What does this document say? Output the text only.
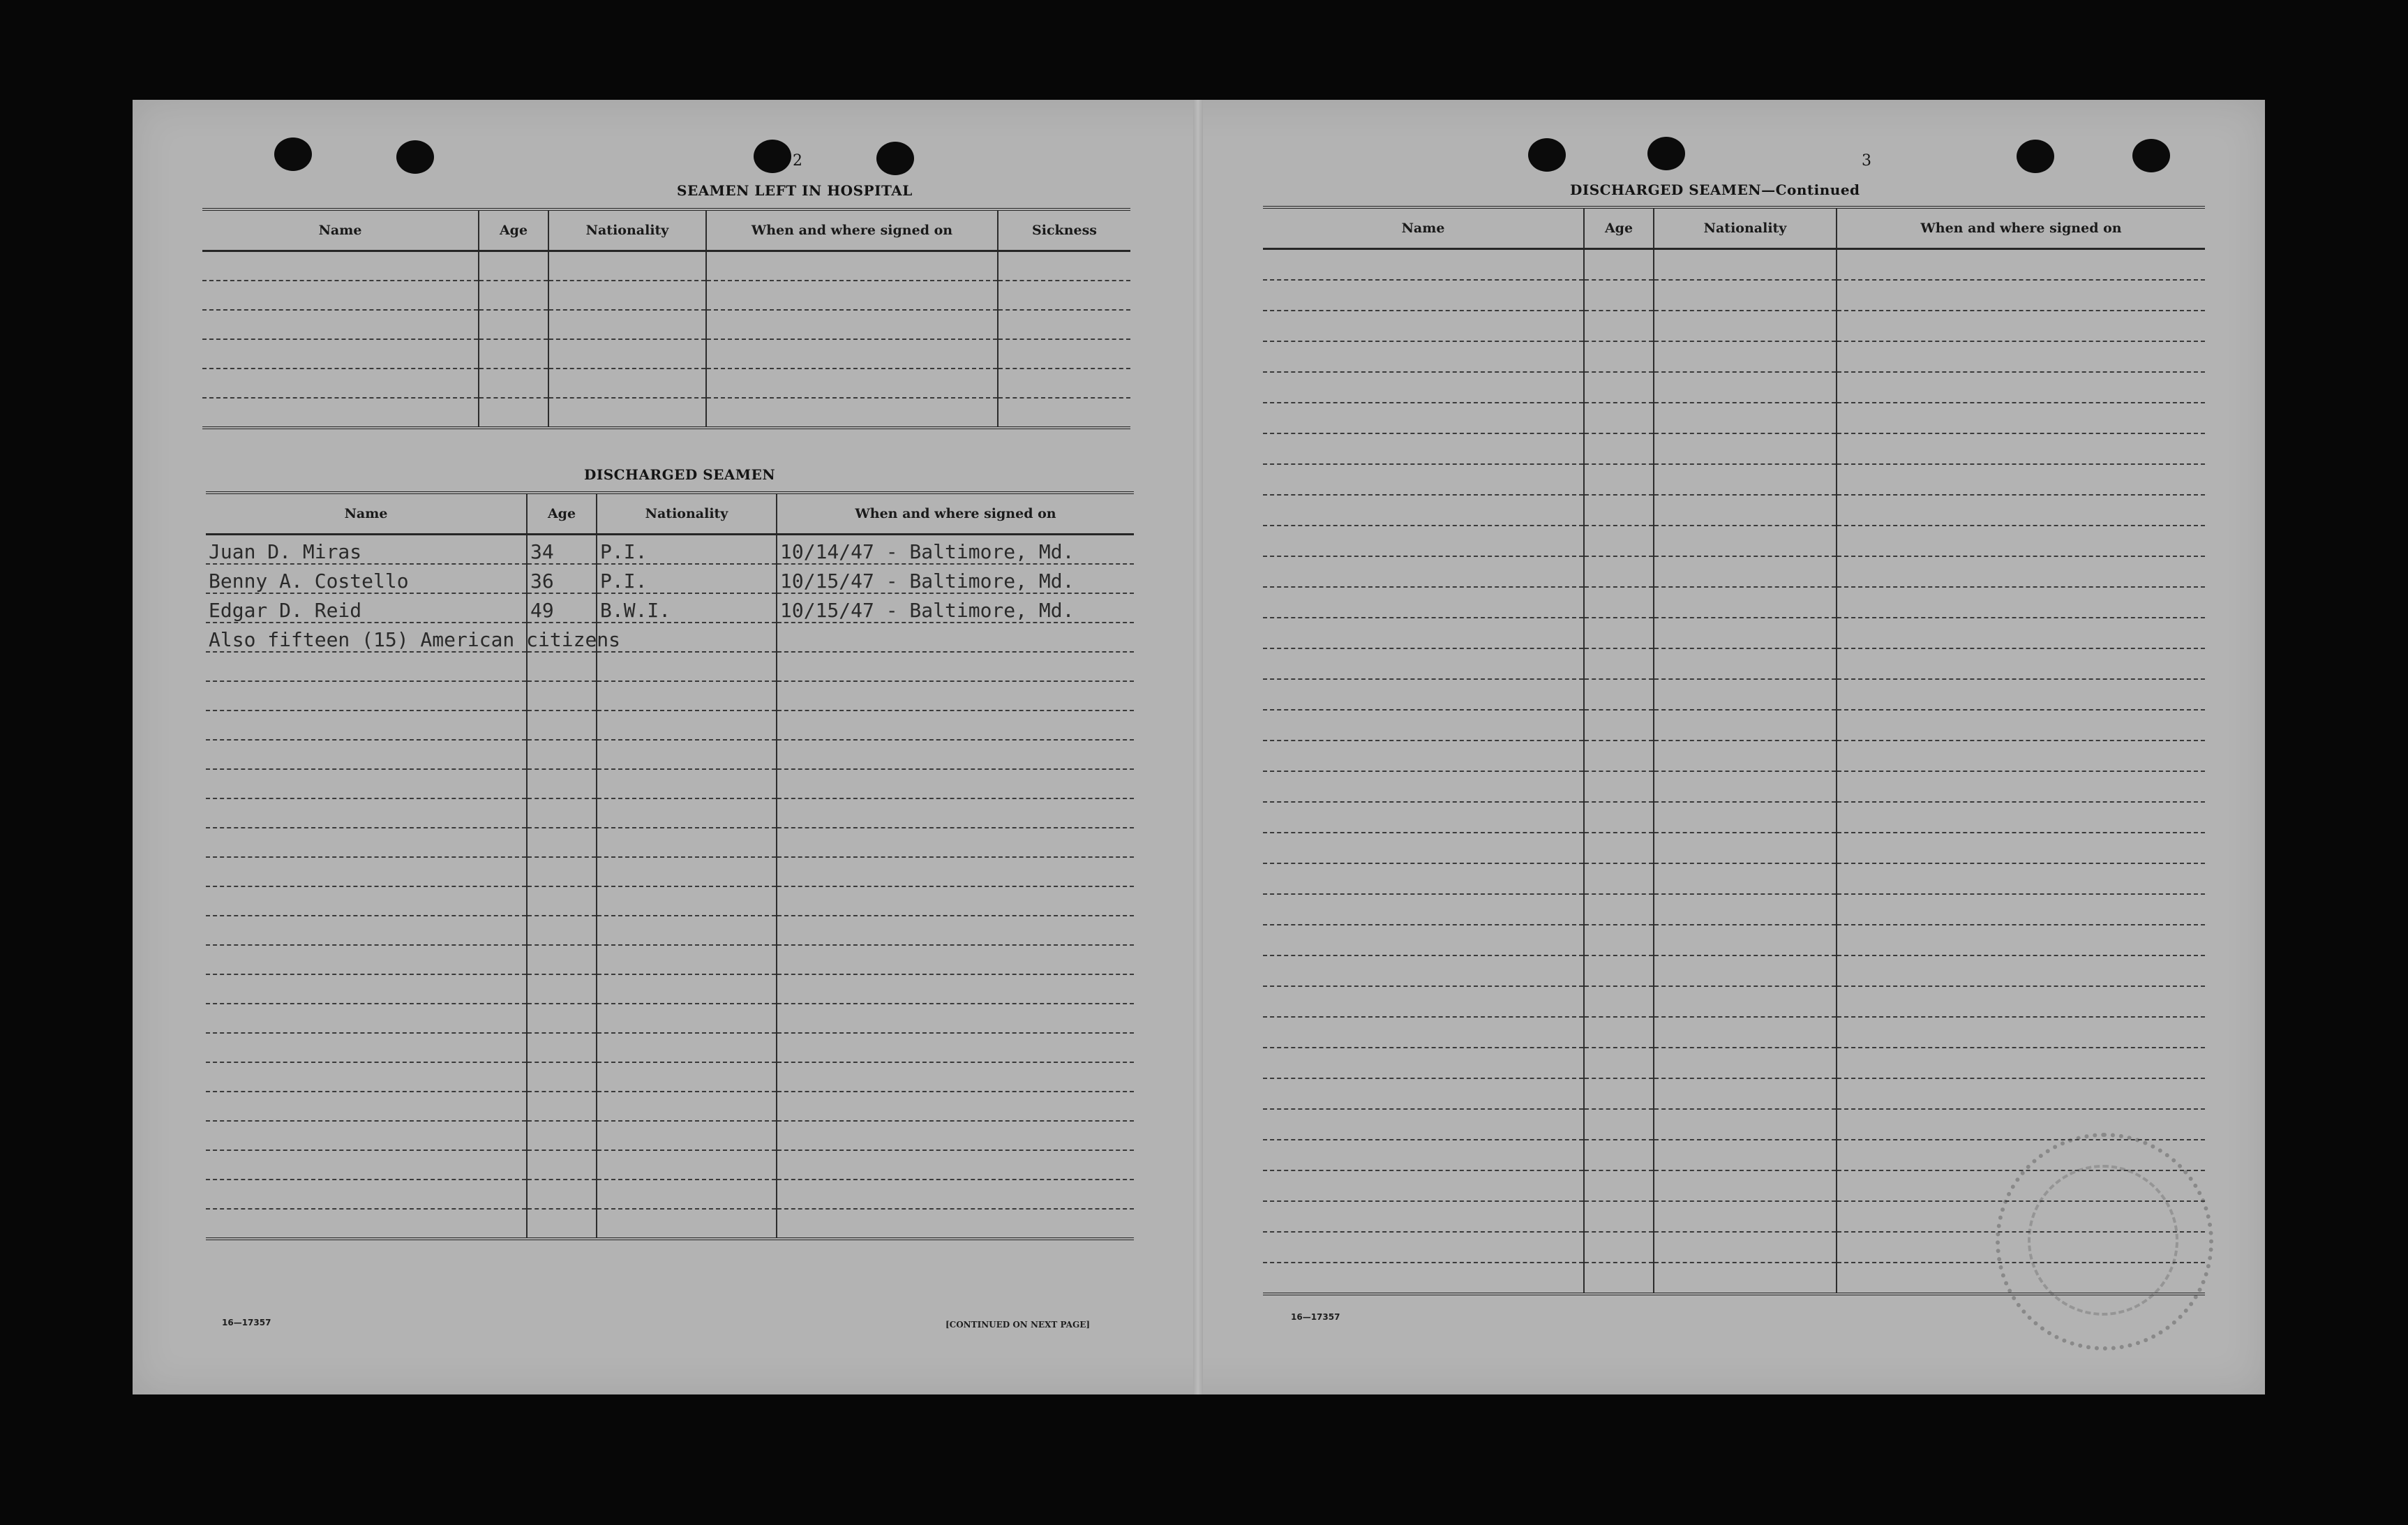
2
SEAMEN LEFT IN HOSPITAL
Name	Age	Nationality	When and where signed on	Sickness

DISCHARGED SEAMEN
Name	Age	Nationality	When and where signed on
Juan D. Miras	34	P.I.	10/14/47 - Baltimore, Md.
Benny A. Costello	36	P.I.	10/15/47 - Baltimore, Md.
Edgar D. Reid	49	B.W.I.	10/15/47 - Baltimore, Md.
Also fifteen (15) American citizens			

16—17357	[CONTINUED ON NEXT PAGE]
3
DISCHARGED SEAMEN—Continued
Name	Age	Nationality	When and where signed on

16—17357
